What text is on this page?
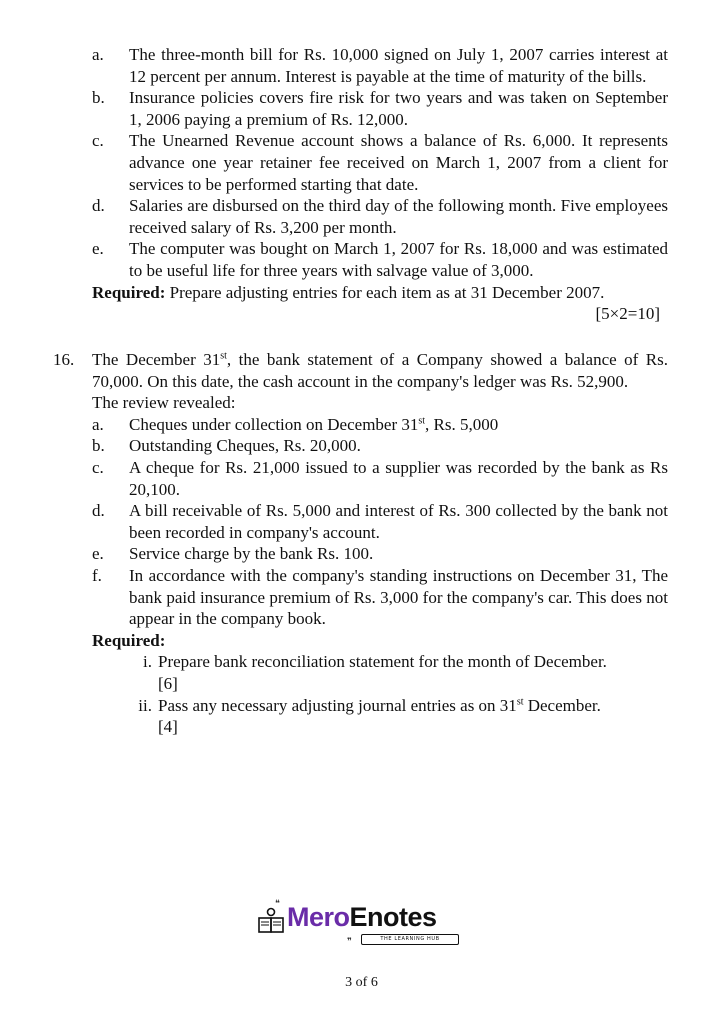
a.	The three-month bill for Rs. 10,000 signed on July 1, 2007 carries interest at 12 percent per annum. Interest is payable at the time of maturity of the bills.
b.	Insurance policies covers fire risk for two years and was taken on September 1, 2006 paying a premium of Rs. 12,000.
c.	The Unearned Revenue account shows a balance of Rs. 6,000. It represents advance one year retainer fee received on March 1, 2007 from a client for services to be performed starting that date.
d.	Salaries are disbursed on the third day of the following month. Five employees received salary of Rs. 3,200 per month.
e.	The computer was bought on March 1, 2007 for Rs. 18,000 and was estimated to be useful life for three years with salvage value of 3,000.
Required: Prepare adjusting entries for each item as at 31 December 2007.
[5×2=10]
16.	The December 31st, the bank statement of a Company showed a balance of Rs. 70,000. On this date, the cash account in the company's ledger was Rs. 52,900.
The review revealed:
a.	Cheques under collection on December 31st, Rs. 5,000
b.	Outstanding Cheques, Rs. 20,000.
c.	A cheque for Rs. 21,000 issued to a supplier was recorded by the bank as Rs 20,100.
d.	A bill receivable of Rs. 5,000 and interest of Rs. 300 collected by the bank not been recorded in company's account.
e.	Service charge by the bank Rs. 100.
f.	In accordance with the company's standing instructions on December 31, The bank paid insurance premium of Rs. 3,000 for the company's car. This does not appear in the company book.
Required:
i. Prepare bank reconciliation statement for the month of December.
[6]
ii. Pass any necessary adjusting journal entries as on 31st December.
[4]
❝ MeroEnotes
❞	THE LEARNING HUB
3 of 6
